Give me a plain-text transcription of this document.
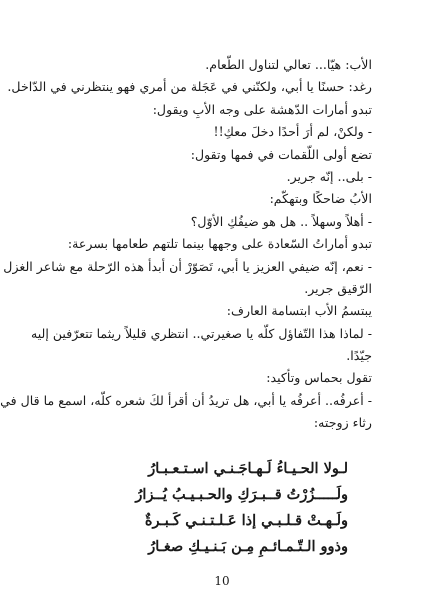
الأب: هيّا... تعالي لتناول الطّعام.

رغد: حسنًا يا أبي، ولكنّني في عَجَلة من أمري فهو ينتظرني في الدّاخل.

تبدو أمارات الدّهشة على وجه الأبِ ويقول:

- ولكنْ، لم أرَ أحدًا دخلَ معكِ!!

تضع أولى اللّقمات في فمها وتقول:

- بلى.. إنّه جرير.

الأبُ ضاحكًا وبتهكّم:

- أهلاً وسهلاً .. هل هو ضيفُكِ الأوّل؟

تبدو أماراتُ السّعادة على وجهها بينما تلتهم طعامها بسرعة:

- نعم، إنّه ضيفي العزيز يا أبي، تَصَوّرْ أن أبدأ هذه الرّحلة مع شاعر الغزل

الرّقيق جرير.

يبتسمُ الأب ابتسامة العارف:

- لماذا هذا التّفاؤل كلّه يا صغيرتي.. انتظري قليلاً ريثما تتعرّفين إليه

جيّدًا.

تقول بحماس وتأكيد:

- أعرفُه.. أعرفُه يا أبي، هل تريدُ أن أقرأ لكَ شعره كلّه، اسمع ما قال في

رثاء زوجته:

لـولا الحـيـاءُ لَـهـاجَـنـي اسـتـعـبـارُ

ولَـــــزُرْتُ قــبـرَكِ والحـبـيـبُ يُــزارُ

ولَـهـتْ قـلـبـي إذا عَـلـتـنـي كَـبـرةٌ

وذوو الـتّـمـائـمِ مِـن بَـنـيـكِ صغـارُ

10
